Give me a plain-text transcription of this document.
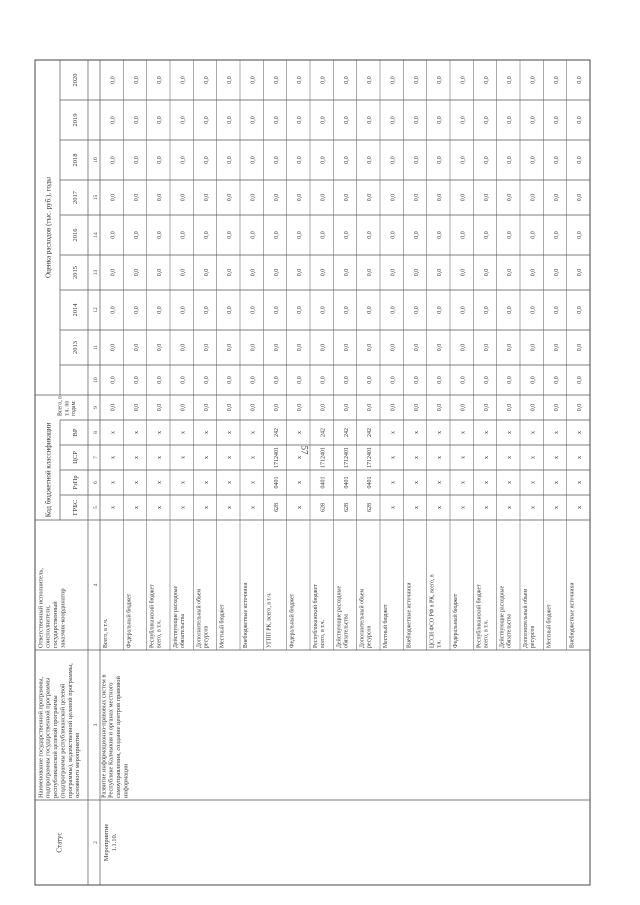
57
Статус
Наименование государственной программы, подпрограммы государственной программы республиканской целевой программы (подпрограммы республиканской целевой программы), ведомственной целевой программы, основного мероприятия
Ответственный исполнитель, соисполнители, государственный заказчик-координатор
Код бюджетной классификации
Оценка расходов (тыс. руб.), годы
ГРБС
РзПр
ЦСР
ВР
Всего, в т.ч. по годам:
2013
2014
2015
2016
2017
2018
2019
2020
2
3
4
5
6
7
8
9
10
11
12
13
14
15
16
Мероприятие 1.1.10.
Развитие информационно-правовых систем в Республике Калмыкия и органах местного самоуправления, создание центров правовой информации
Всего, в т.ч.
х
х
х
х
0,0
0,0
0,0
0,0
0,0
0,0
0,0
0,0
0,0
0,0
Федеральный бюджет
х
х
х
х
0,0
0,0
0,0
0,0
0,0
0,0
0,0
0,0
0,0
0,0
Республиканский бюджет всего, в т.ч.
х
х
х
х
0,0
0,0
0,0
0,0
0,0
0,0
0,0
0,0
0,0
0,0
Действующие расходные обязательства
х
х
х
х
0,0
0,0
0,0
0,0
0,0
0,0
0,0
0,0
0,0
0,0
Дополнительный объем ресурсов
х
х
х
х
0,0
0,0
0,0
0,0
0,0
0,0
0,0
0,0
0,0
0,0
Местный бюджет
х
х
х
х
0,0
0,0
0,0
0,0
0,0
0,0
0,0
0,0
0,0
0,0
Внебюджетные источники
х
х
х
х
0,0
0,0
0,0
0,0
0,0
0,0
0,0
0,0
0,0
0,0
УГПП РК, всего, в т.ч.
628
0401
1712401
242
0,0
0,0
0,0
0,0
0,0
0,0
0,0
0,0
0,0
0,0
Федеральный бюджет
х
х
х
х
0,0
0,0
0,0
0,0
0,0
0,0
0,0
0,0
0,0
0,0
Республиканский бюджет всего, в т.ч.
628
0401
1712401
242
0,0
0,0
0,0
0,0
0,0
0,0
0,0
0,0
0,0
0,0
Действующие расходные обязательства
628
0401
1712401
242
0,0
0,0
0,0
0,0
0,0
0,0
0,0
0,0
0,0
0,0
Дополнительный объем ресурсов
628
0401
1712401
242
0,0
0,0
0,0
0,0
0,0
0,0
0,0
0,0
0,0
0,0
Местный бюджет
х
х
х
х
0,0
0,0
0,0
0,0
0,0
0,0
0,0
0,0
0,0
0,0
Внебюджетные источники
х
х
х
х
0,0
0,0
0,0
0,0
0,0
0,0
0,0
0,0
0,0
0,0
ЦССИ ФСО РФ в РК, всего, в т.ч.
х
х
х
х
0,0
0,0
0,0
0,0
0,0
0,0
0,0
0,0
0,0
0,0
Федеральный бюджет
х
х
х
х
0,0
0,0
0,0
0,0
0,0
0,0
0,0
0,0
0,0
0,0
Республиканский бюджет всего, в т.ч.
х
х
х
х
0,0
0,0
0,0
0,0
0,0
0,0
0,0
0,0
0,0
0,0
Действующие расходные обязательства
х
х
х
х
0,0
0,0
0,0
0,0
0,0
0,0
0,0
0,0
0,0
0,0
Дополнительный объем ресурсов
х
х
х
х
0,0
0,0
0,0
0,0
0,0
0,0
0,0
0,0
0,0
0,0
Местный бюджет
х
х
х
х
0,0
0,0
0,0
0,0
0,0
0,0
0,0
0,0
0,0
0,0
Внебюджетные источники
х
х
х
х
0,0
0,0
0,0
0,0
0,0
0,0
0,0
0,0
0,0
0,0
